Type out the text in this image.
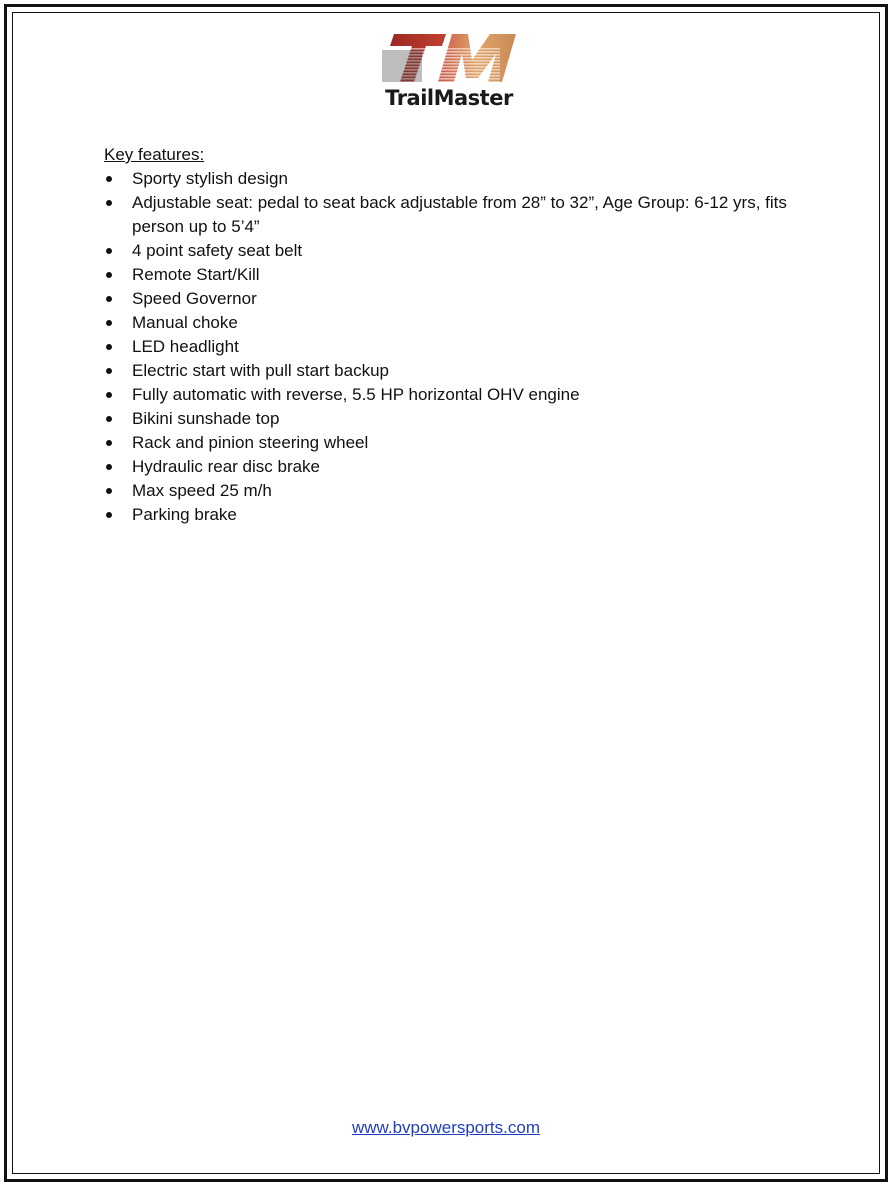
TrailMaster
Key features:
Sporty stylish design
Adjustable seat: pedal to seat back adjustable from 28” to 32”, Age Group: 6-12 yrs, fits person up to 5’4”
4 point safety seat belt
Remote Start/Kill
Speed Governor
Manual choke
LED headlight
Electric start with pull start backup
Fully automatic with reverse, 5.5 HP horizontal OHV engine
Bikini sunshade top
Rack and pinion steering wheel
Hydraulic rear disc brake
Max speed 25 m/h
Parking brake
www.bvpowersports.com
